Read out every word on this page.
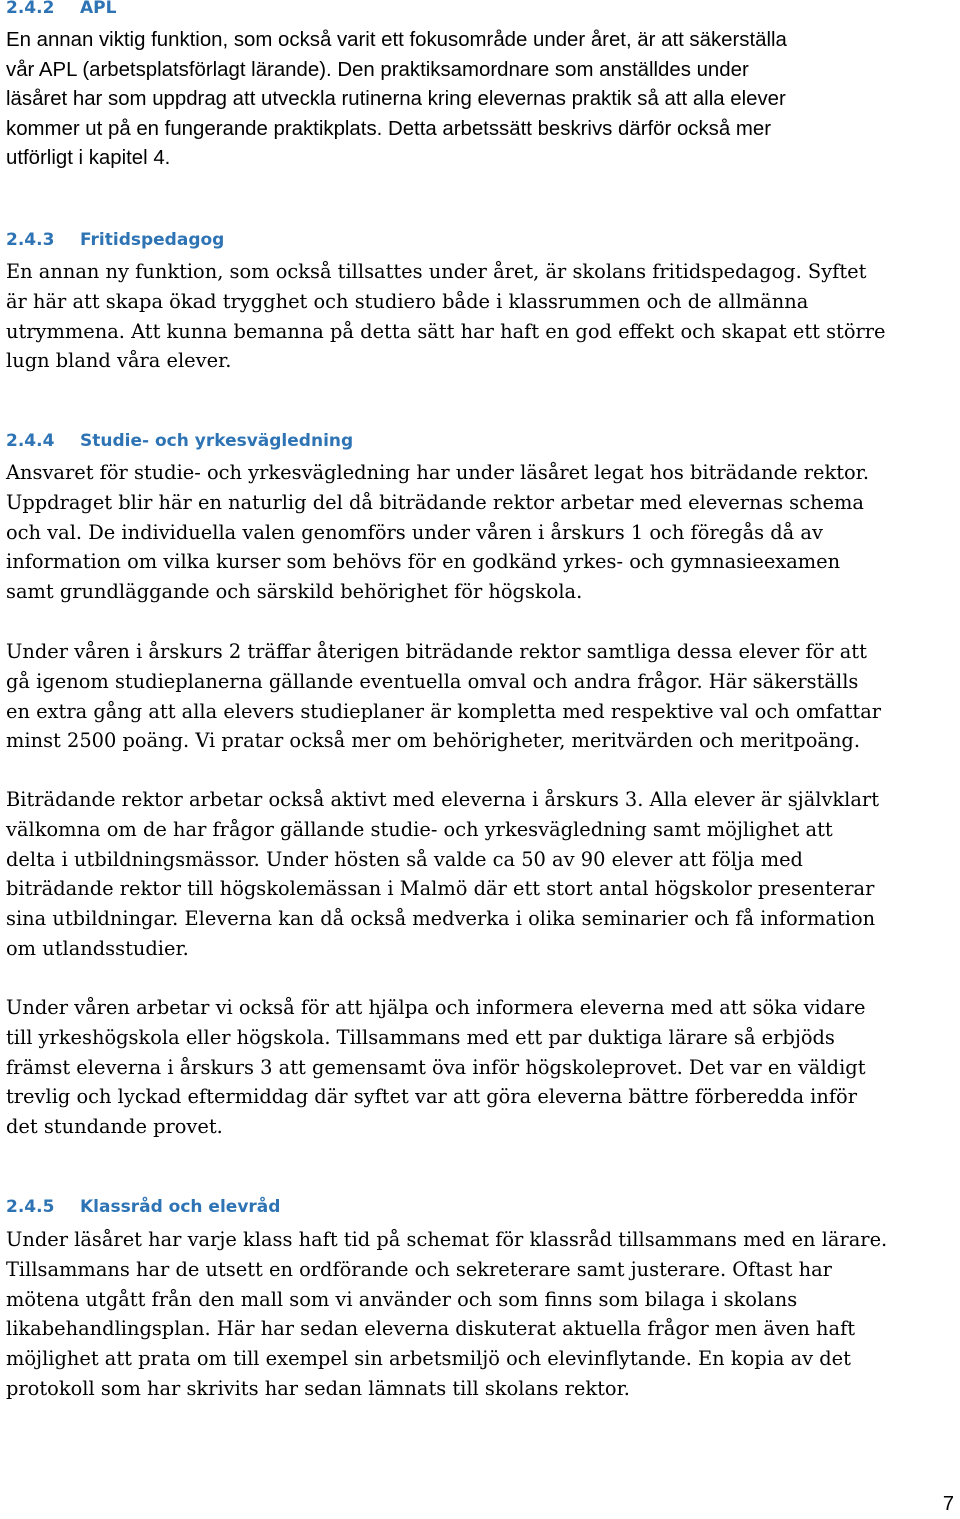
2.4.2	APL

En annan viktig funktion, som också varit ett fokusområde under året, är att säkerställa
vår APL (arbetsplatsförlagt lärande). Den praktiksamordnare som anställdes under
läsåret har som uppdrag att utveckla rutinerna kring elevernas praktik så att alla elever
kommer ut på en fungerande praktikplats. Detta arbetssätt beskrivs därför också mer
utförligt i kapitel 4.

2.4.3	Fritidspedagog

En annan ny funktion, som också tillsattes under året, är skolans fritidspedagog. Syftet
är här att skapa ökad trygghet och studiero både i klassrummen och de allmänna
utrymmena. Att kunna bemanna på detta sätt har haft en god effekt och skapat ett större
lugn bland våra elever.

2.4.4	Studie- och yrkesvägledning

Ansvaret för studie- och yrkesvägledning har under läsåret legat hos biträdande rektor.
Uppdraget blir här en naturlig del då biträdande rektor arbetar med elevernas schema
och val. De individuella valen genomförs under våren i årskurs 1 och föregås då av
information om vilka kurser som behövs för en godkänd yrkes- och gymnasieexamen
samt grundläggande och särskild behörighet för högskola.

Under våren i årskurs 2 träffar återigen biträdande rektor samtliga dessa elever för att
gå igenom studieplanerna gällande eventuella omval och andra frågor. Här säkerställs
en extra gång att alla elevers studieplaner är kompletta med respektive val och omfattar
minst 2500 poäng. Vi pratar också mer om behörigheter, meritvärden och meritpoäng.

Biträdande rektor arbetar också aktivt med eleverna i årskurs 3. Alla elever är självklart
välkomna om de har frågor gällande studie- och yrkesvägledning samt möjlighet att
delta i utbildningsmässor. Under hösten så valde ca 50 av 90 elever att följa med
biträdande rektor till högskolemässan i Malmö där ett stort antal högskolor presenterar
sina utbildningar. Eleverna kan då också medverka i olika seminarier och få information
om utlandsstudier.

Under våren arbetar vi också för att hjälpa och informera eleverna med att söka vidare
till yrkeshögskola eller högskola. Tillsammans med ett par duktiga lärare så erbjöds
främst eleverna i årskurs 3 att gemensamt öva inför högskoleprovet. Det var en väldigt
trevlig och lyckad eftermiddag där syftet var att göra eleverna bättre förberedda inför
det stundande provet.

2.4.5	Klassråd och elevråd

Under läsåret har varje klass haft tid på schemat för klassråd tillsammans med en lärare.
Tillsammans har de utsett en ordförande och sekreterare samt justerare. Oftast har
mötena utgått från den mall som vi använder och som finns som bilaga i skolans
likabehandlingsplan. Här har sedan eleverna diskuterat aktuella frågor men även haft
möjlighet att prata om till exempel sin arbetsmiljö och elevinflytande. En kopia av det
protokoll som har skrivits har sedan lämnats till skolans rektor.

7
